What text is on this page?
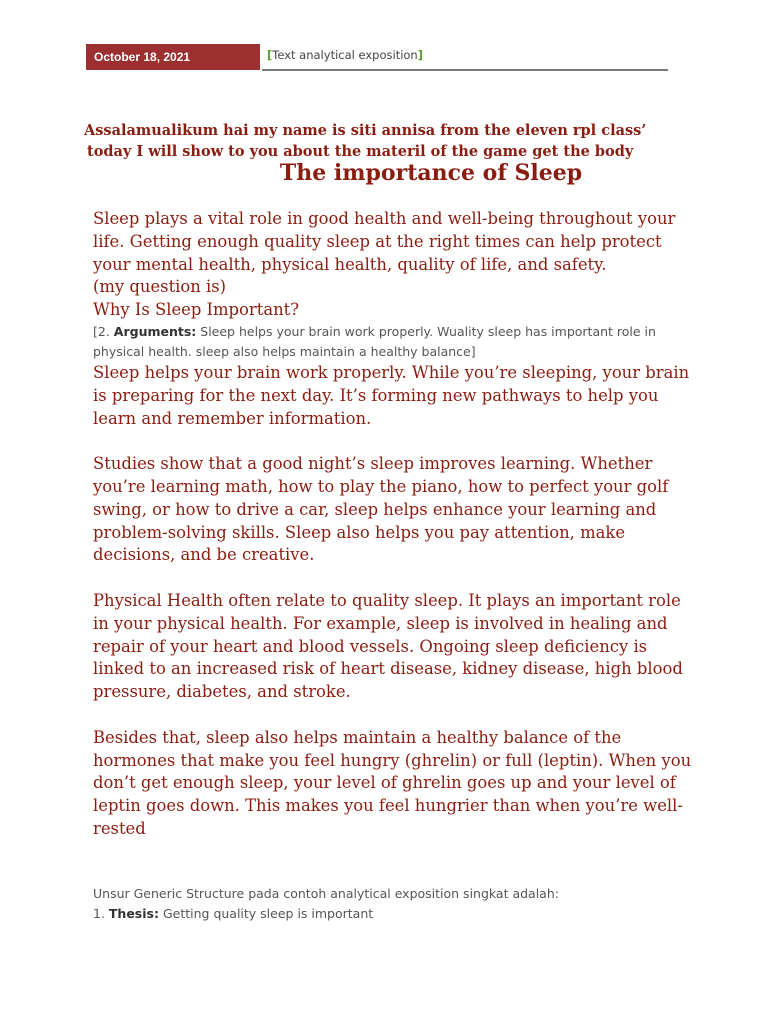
October 18, 2021	[Text analytical exposition]
Assalamualikum hai my name is siti annisa from the eleven rpl class’
today I will show to you about the materil of the game get the body
The importance of Sleep

Sleep plays a vital role in good health and well-being throughout your life. Getting enough quality sleep at the right times can help protect your mental health, physical health, quality of life, and safety.

(my question is)

Why Is Sleep Important?

[2. Arguments: Sleep helps your brain work properly. Wuality sleep has important role in physical health. sleep also helps maintain a healthy balance]

Sleep helps your brain work properly. While you’re sleeping, your brain is preparing for the next day. It’s forming new pathways to help you learn and remember information.

Studies show that a good night’s sleep improves learning. Whether you’re learning math, how to play the piano, how to perfect your golf swing, or how to drive a car, sleep helps enhance your learning and problem-solving skills. Sleep also helps you pay attention, make decisions, and be creative.

Physical Health often relate to quality sleep. It plays an important role in your physical health. For example, sleep is involved in healing and repair of your heart and blood vessels. Ongoing sleep deficiency is linked to an increased risk of heart disease, kidney disease, high blood pressure, diabetes, and stroke.

Besides that, sleep also helps maintain a healthy balance of the hormones that make you feel hungry (ghrelin) or full (leptin). When you don’t get enough sleep, your level of ghrelin goes up and your level of leptin goes down. This makes you feel hungrier than when you’re well-rested

Unsur Generic Structure pada contoh analytical exposition singkat adalah:

1. Thesis: Getting quality sleep is important
